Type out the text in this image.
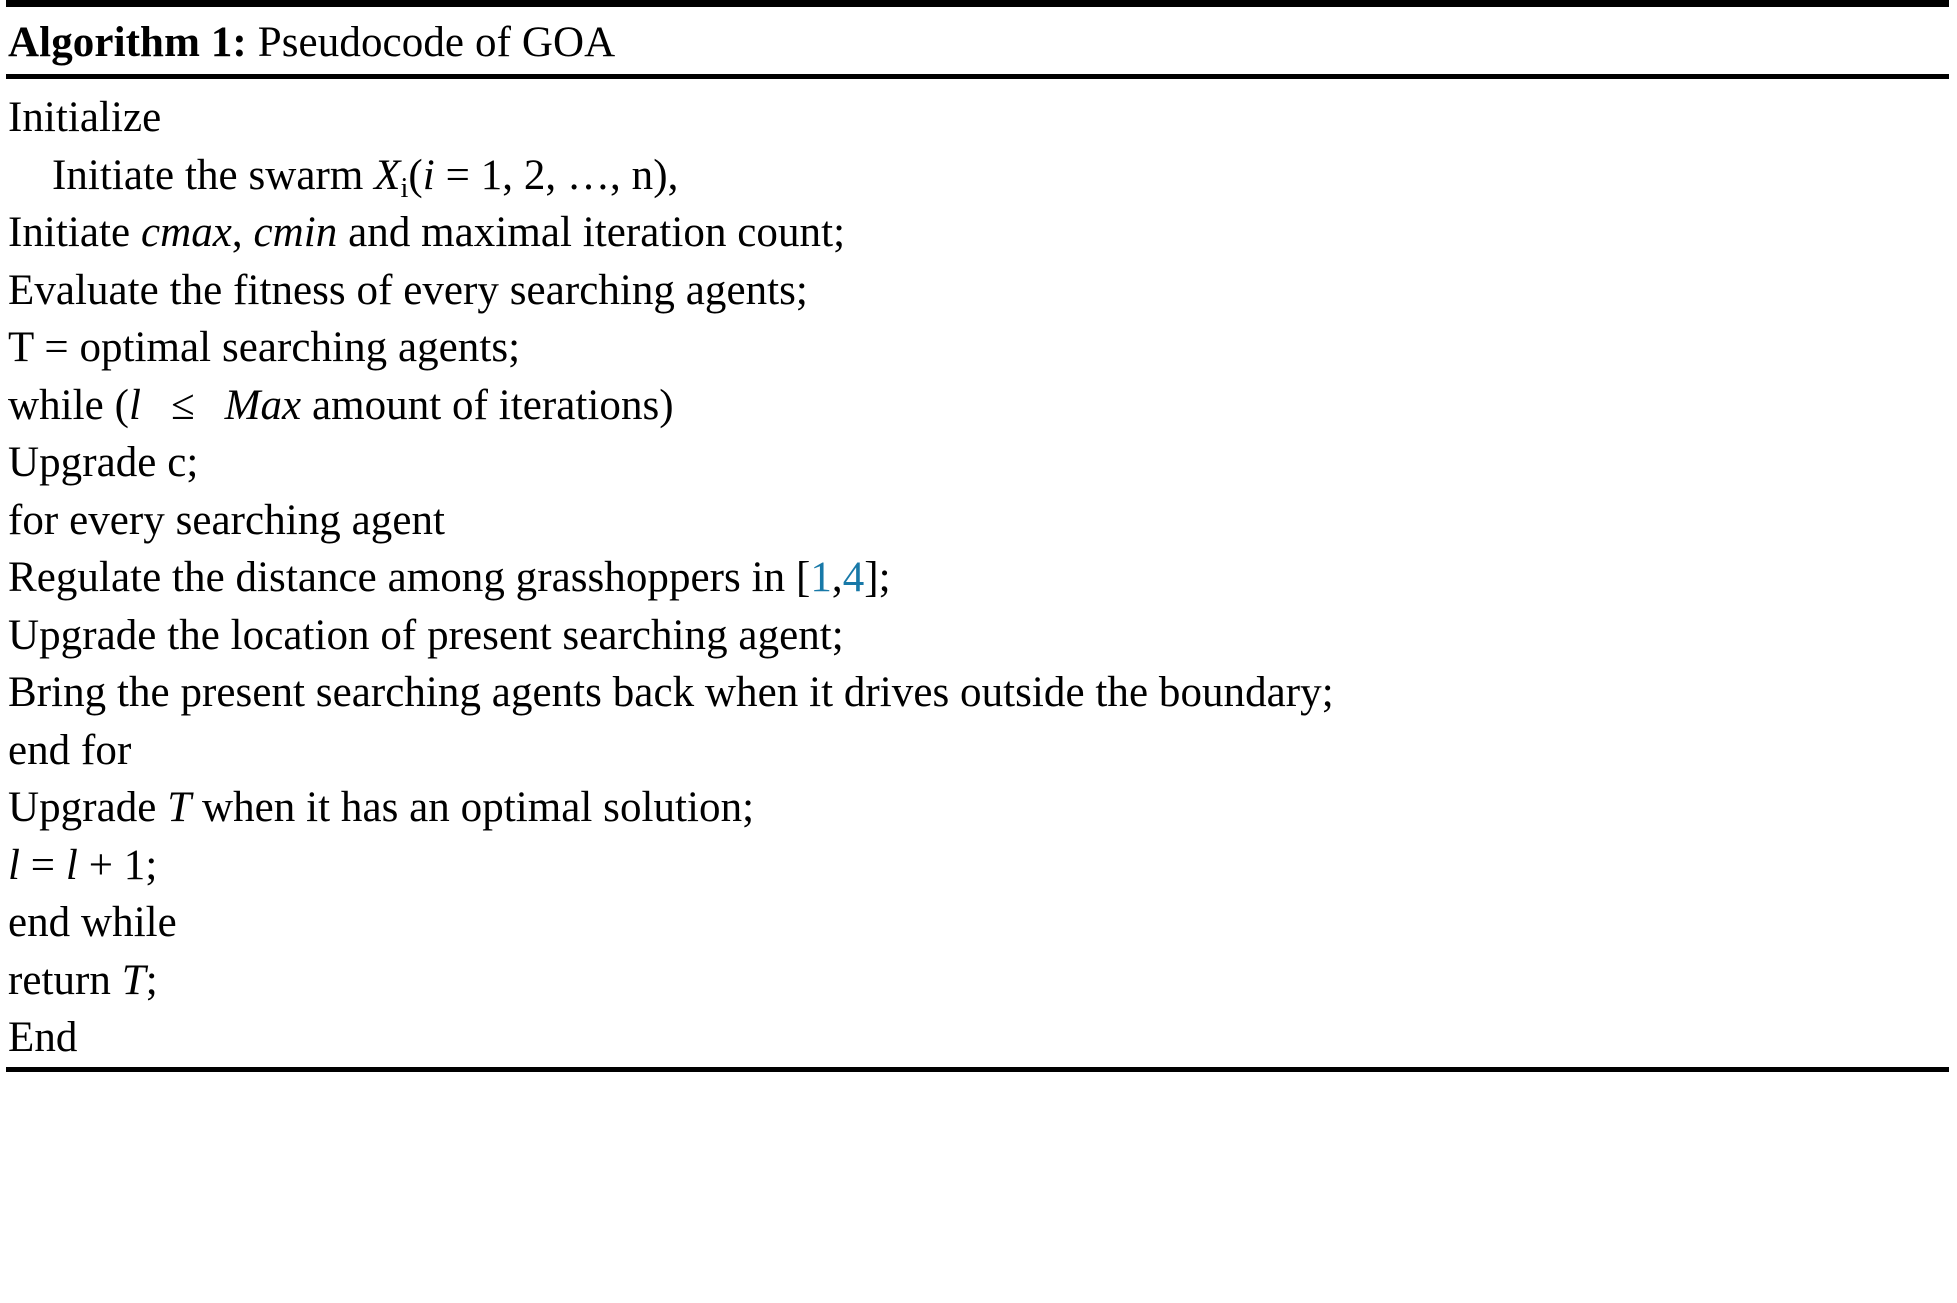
Algorithm 1: Pseudocode of GOA
Initialize
Initiate the swarm $X_i(i = 1$, 2, …, n),
Initiate cmax, cmin and maximal iteration count;
Evaluate the fitness of every searching agents;
T = optimal searching agents;
while (l ≤ Max amount of iterations)
Upgrade c;
for every searching agent
Regulate the distance among grasshoppers in [1,4];
Upgrade the location of present searching agent;
Bring the present searching agents back when it drives outside the boundary;
end for
Upgrade T when it has an optimal solution;
l = l + 1;
end while
return T;
End
